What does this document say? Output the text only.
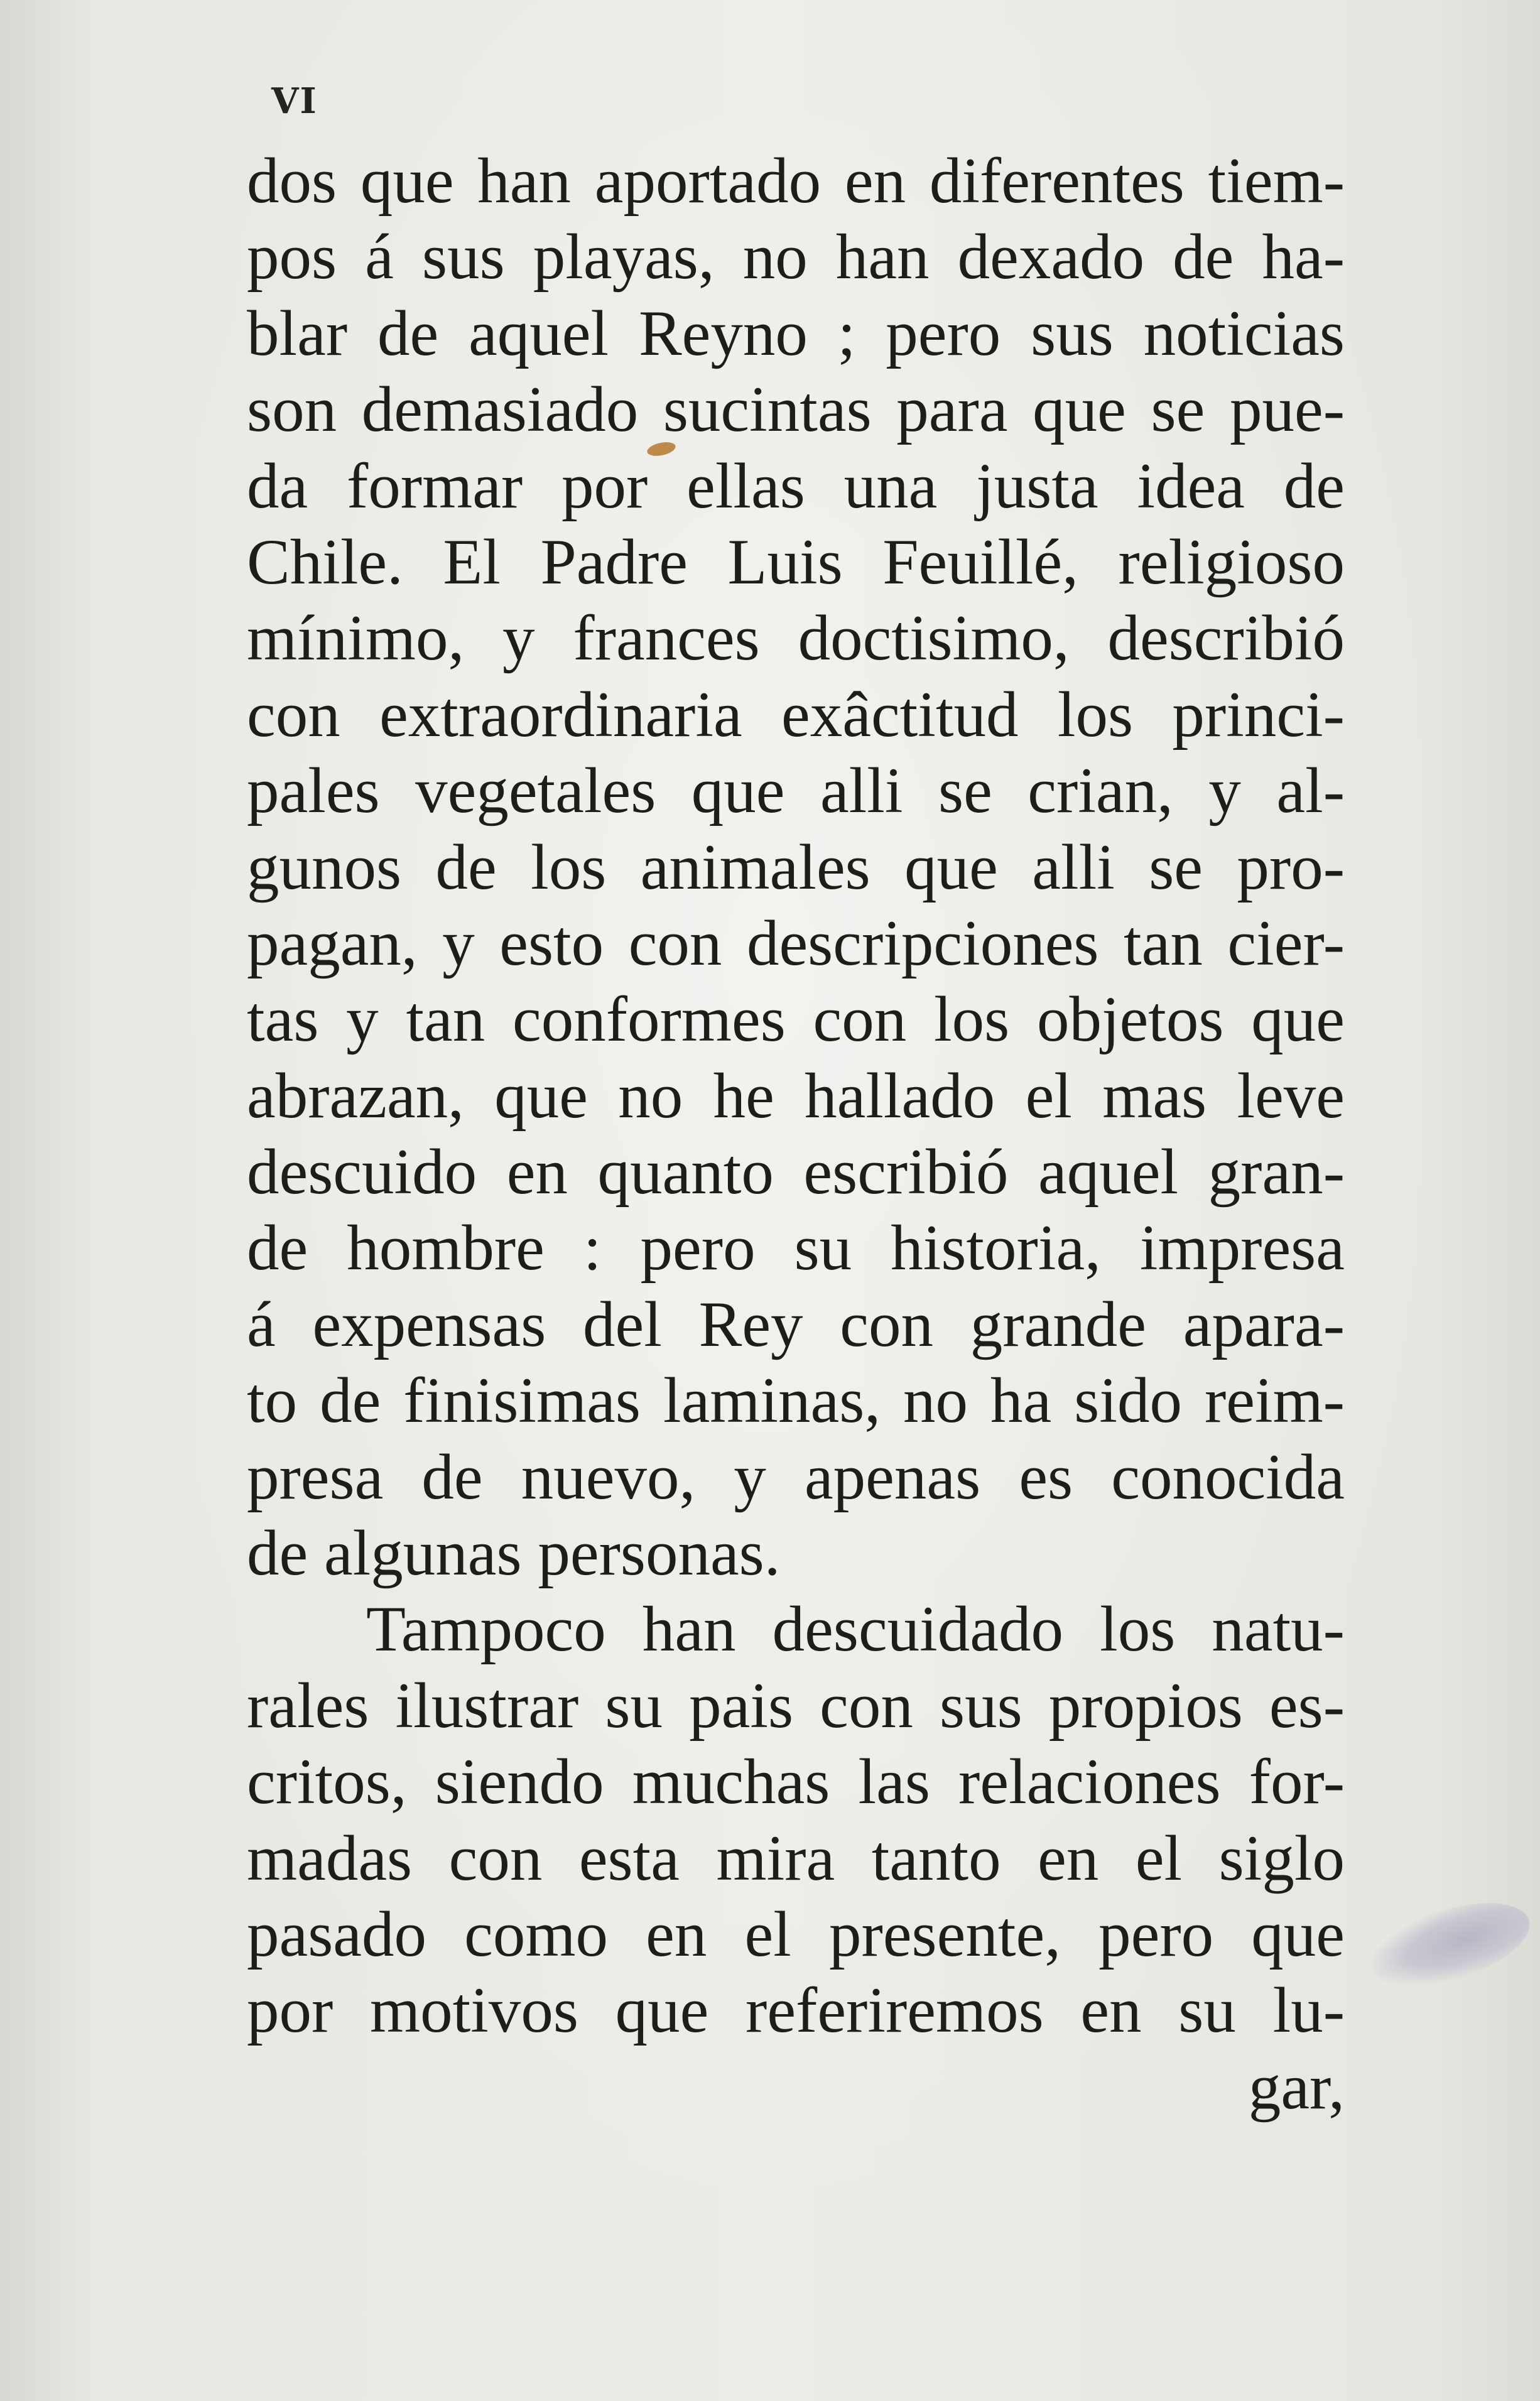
VI
dos que han aportado en diferentes tiem-
pos á sus playas, no han dexado de ha-
blar de aquel Reyno ; pero sus noticias
son demasiado sucintas para que se pue-
da formar por ellas una justa idea de
Chile. El Padre Luis Feuillé, religioso
mínimo, y frances doctisimo, describió
con extraordinaria exâctitud los princi-
pales vegetales que alli se crian, y al-
gunos de los animales que alli se pro-
pagan, y esto con descripciones tan cier-
tas y tan conformes con los objetos que
abrazan, que no he hallado el mas leve
descuido en quanto escribió aquel gran-
de hombre : pero su historia, impresa
á expensas del Rey con grande apara-
to de finisimas laminas, no ha sido reim-
presa de nuevo, y apenas es conocida
de algunas personas.
Tampoco han descuidado los natu-
rales ilustrar su pais con sus propios es-
critos, siendo muchas las relaciones for-
madas con esta mira tanto en el siglo
pasado como en el presente, pero que
por motivos que referiremos en su lu-
gar,
